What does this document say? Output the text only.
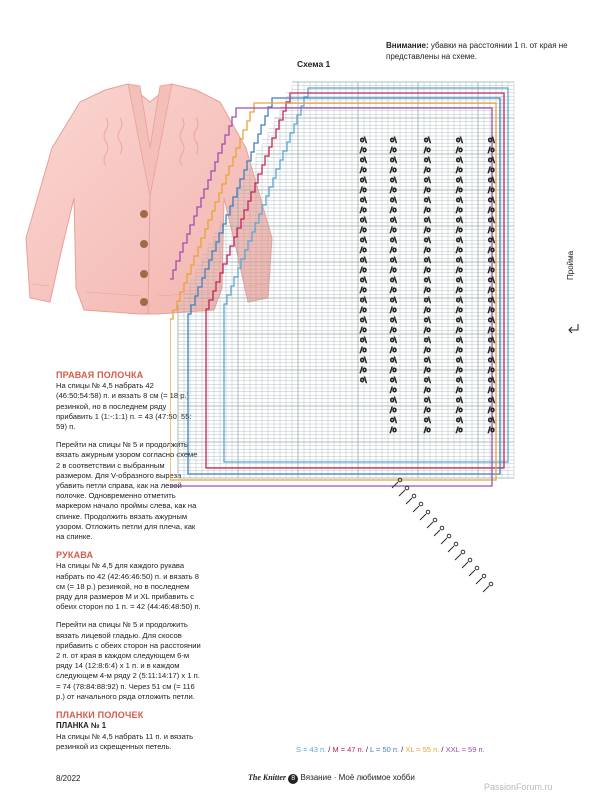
Внимание: убавки на расстоянии 1 п. от края не представлены на схеме.
Схема 1

ПРАВАЯ ПОЛОЧКА

На спицы № 4,5 набрать 42 (46:50:54:58) п. и вязать 8 см (= 18 р.) резинкой, но в последнем ряду прибавить 1 (1:-:1:1) п. = 43 (47:50: 55: 59) п.

Перейти на спицы № 5 и продолжить вязать ажурным узором согласно схеме 2 в соответствии с выбранным размером. Для V-образного выреза убавить петли справа, как на левой полочке. Одновременно отметить маркером начало проймы слева, как на спинке. Продолжить вязать ажурным узором. Отложить петли для плеча, как на спинке.

РУКАВА

На спицы № 4,5 для каждого рукава набрать по 42 (42:46:46:50) п. и вязать 8 см (= 18 р.) резинкой, но в последнем ряду для размеров M и XL прибавить с обеих сторон по 1 п. = 42 (44:46:48:50) п.

Перейти на спицы № 5 и продолжить вязать лицевой гладью. Для скосов прибавить с обеих сторон на расстоянии 2 п. от края в каждом следующем 6-м ряду 14 (12:8:6:4) х 1 п. и в каждом следующем 4-м ряду 2 (5:11:14:17) х 1 п. = 74 (78:84:88:92) п. Через 51 см (= 116 р.) от начального ряда отложить петли.

ПЛАНКИ ПОЛОЧЕК

ПЛАНКА № 1

На спицы № 4,5 набрать 11 п. и вязать резинкой из скрещенных петель.

o\
/o
o\
/o
o\
/o
o\
/o
o\
/o
o\
/o
o\
/o
o\
/o
o\
/o
o\
/o
o\
/o
o\
/o
o\
o\
/o
o\
/o
o\
/o
o\
/o
o\
/o
o\
/o
o\
/o
o\
/o
o\
/o
o\
/o
o\
/o
o\
/o
o\
/o
o\
/o
o\
/o
o\
/o
o\
/o
o\
/o
o\
/o
o\
/o
o\
/o
o\
/o
o\
/o
o\
/o
o\
/o
o\
/o
o\
/o
o\
/o
o\
/o
o\
/o
o\
/o
o\
/o
o\
/o
o\
/o
o\
/o
o\
/o
o\
/o
o\
/o
o\
/o
o\
/o
o\
/o
o\
/o
o\
/o
o\
/o
o\
/o
o\
/o
o\
/o
o\
/o
o\
/o
o\
/o
o\
/o
o\
/o
o\
/o
o\
/o
o\
/o
o\
/o
o\
/o
o\
/o
o\
/o
o\
/o
Пройма
S = 43 п. / M = 47 п. / L = 50 п. / XL = 55 п. / XXL = 59 п.
8/2022	The Knitter 8 Вязание · Моё любимое хобби
PassionForum.ru
